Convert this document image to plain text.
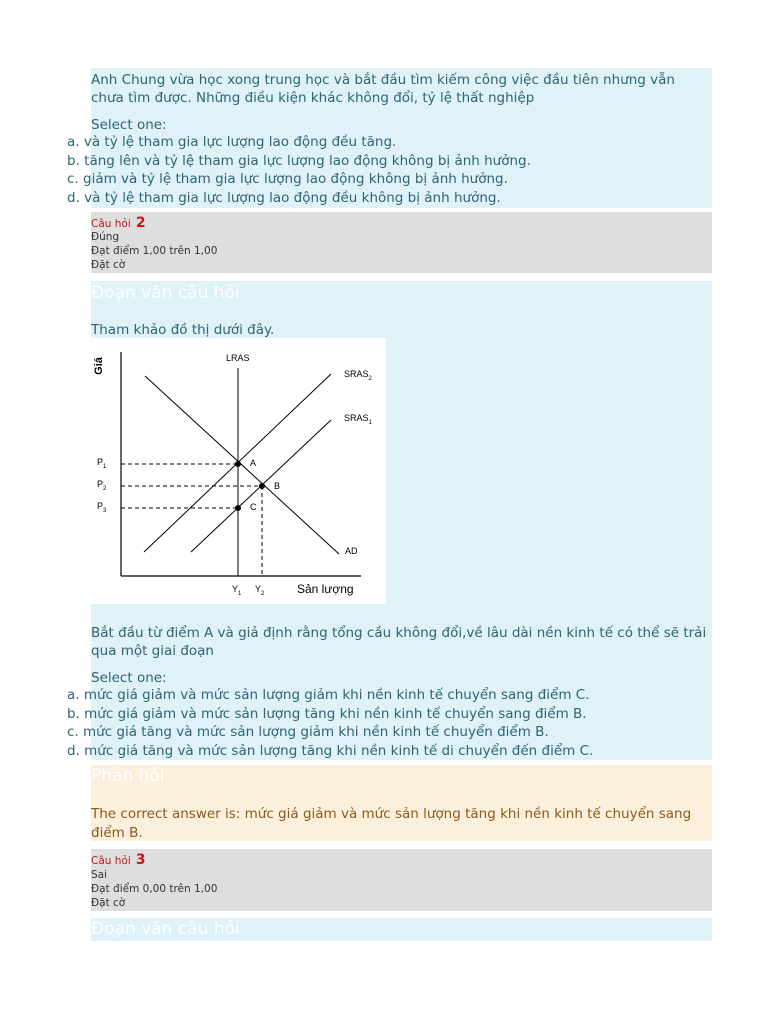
Anh Chung vừa học xong trung học và bắt đầu tìm kiếm công việc đầu tiên nhưng vẫn chưa tìm được. Những điều kiện khác không đổi, tỷ lệ thất nghiệp
Select one:
a. và tỷ lệ tham gia lực lượng lao động đều tăng.
b. tăng lên và tỷ lệ tham gia lực lượng lao động không bị ảnh hưởng.
c. giảm và tỷ lệ tham gia lực lượng lao động không bị ảnh hưởng.
d. và tỷ lệ tham gia lực lượng lao động đều không bị ảnh hưởng.
Câu hỏi 2
Đúng
Đạt điểm 1,00 trên 1,00
Đặt cờ
Đoạn văn câu hỏi
Tham khảo đồ thị dưới đây.
Giá	LRAS
$SRAS_2$
$SRAS_1$
AD
A
B
C
$P_1$
$P_2$
$P_3$
$Y_1$ $Y_2$	Sản lượng
Bắt đầu từ điểm A và giả định rằng tổng cầu không đổi,về lâu dài nền kinh tế có thể sẽ trải qua một giai đoạn
Select one:
a. mức giá giảm và mức sản lượng giảm khi nền kinh tế chuyển sang điểm C.
b. mức giá giảm và mức sản lượng tăng khi nền kinh tế chuyển sang điểm B.
c. mức giá tăng và mức sản lượng giảm khi nền kinh tế chuyển điểm B.
d. mức giá tăng và mức sản lượng tăng khi nền kinh tế di chuyển đến điểm C.
Phản hồi
The correct answer is: mức giá giảm và mức sản lượng tăng khi nền kinh tế chuyển sang điểm B.
Câu hỏi 3
Sai
Đạt điểm 0,00 trên 1,00
Đặt cờ
Đoạn văn câu hỏi
